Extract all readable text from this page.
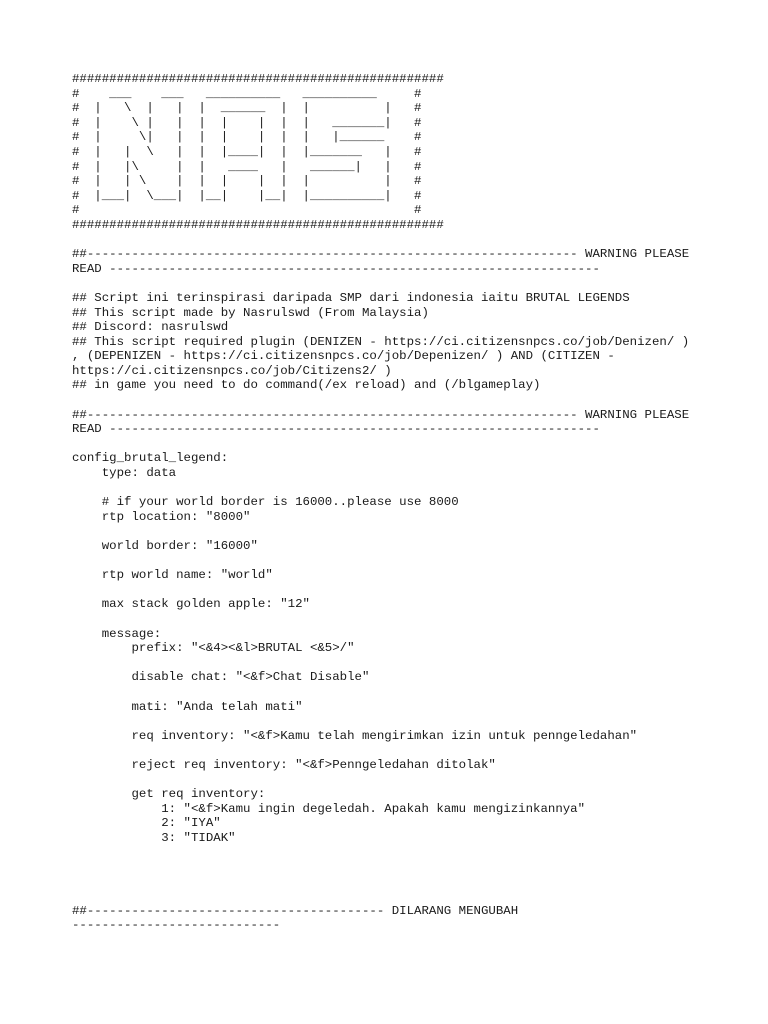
##################################################
#    ___    ___   __________   __________     #
#  |   \  |   |  |  ______  |  |          |   #
#  |    \ |   |  |  |    |  |  |   _______|   #
#  |     \|   |  |  |    |  |  |   |______    #
#  |   |  \   |  |  |____|  |  |_______   |   #
#  |   |\     |  |   ____   |   ______|   |   #
#  |   | \    |  |  |    |  |  |          |   #
#  |___|  \___|  |__|    |__|  |__________|   #
#                                             #
##################################################
##------------------------------------------------------------------ WARNING PLEASE
READ ------------------------------------------------------------------
## Script ini terinspirasi daripada SMP dari indonesia iaitu BRUTAL LEGENDS
## This script made by Nasrulswd (From Malaysia)
## Discord: nasrulswd
## This script required plugin (DENIZEN - https://ci.citizensnpcs.co/job/Denizen/ )
, (DEPENIZEN - https://ci.citizensnpcs.co/job/Depenizen/ ) AND (CITIZEN -
https://ci.citizensnpcs.co/job/Citizens2/ )
## in game you need to do command(/ex reload) and (/blgameplay)
##------------------------------------------------------------------ WARNING PLEASE
READ ------------------------------------------------------------------
config_brutal_legend:
type: data
# if your world border is 16000..please use 8000
rtp location: "8000"
world border: "16000"
rtp world name: "world"
max stack golden apple: "12"
message:
prefix: "<&4><&l>BRUTAL <&5>/"
disable chat: "<&f>Chat Disable"
mati: "Anda telah mati"
req inventory: "<&f>Kamu telah mengirimkan izin untuk penngeledahan"
reject req inventory: "<&f>Penngeledahan ditolak"
get req inventory:
1: "<&f>Kamu ingin degeledah. Apakah kamu mengizinkannya"
2: "IYA"
3: "TIDAK"
##---------------------------------------- DILARANG MENGUBAH
----------------------------
